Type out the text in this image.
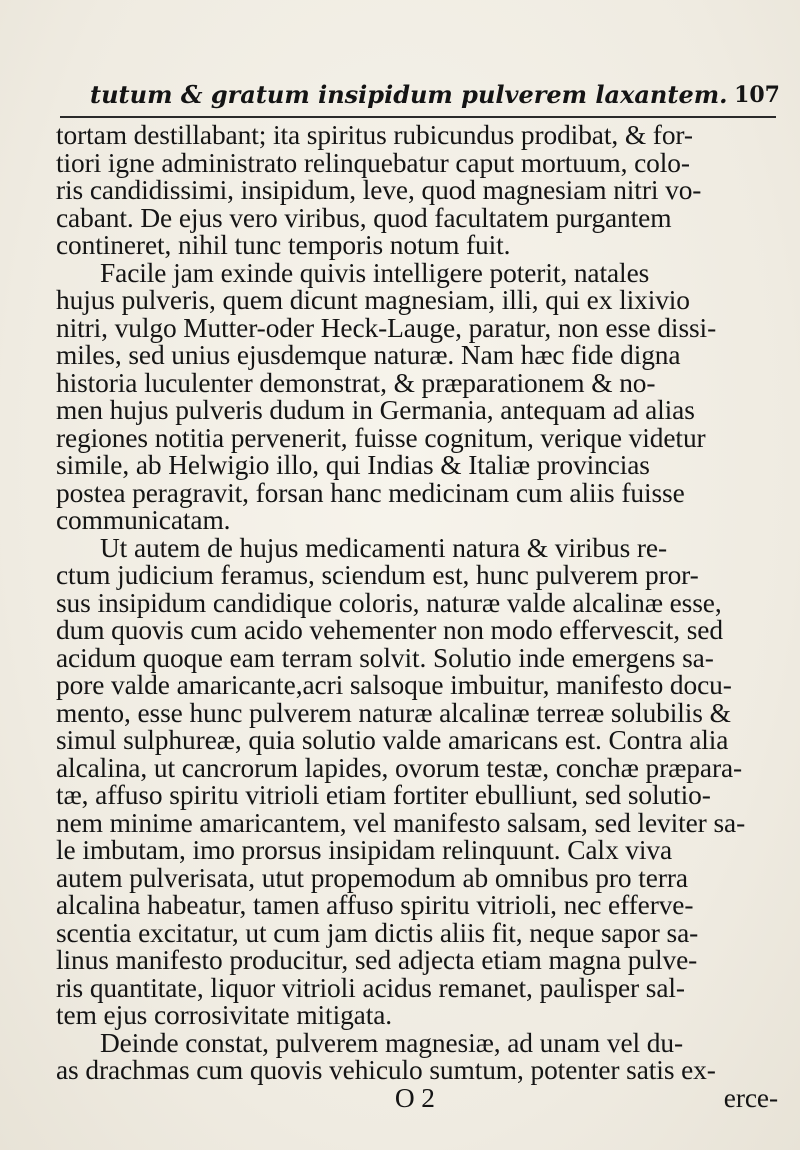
tutum & gratum insipidum pulverem laxantem. 107
tortam destillabant; ita spiritus rubicundus prodibat, & for-
tiori igne administrato relinquebatur caput mortuum, colo-
ris candidissimi, insipidum, leve, quod magnesiam nitri vo-
cabant. De ejus vero viribus, quod facultatem purgantem
contineret, nihil tunc temporis notum fuit.
Facile jam exinde quivis intelligere poterit, natales
hujus pulveris, quem dicunt magnesiam, illi, qui ex lixivio
nitri, vulgo Mutter-oder Heck-Lauge, paratur, non esse dissi-
miles, sed unius ejusdemque naturæ. Nam hæc fide digna
historia luculenter demonstrat, & præparationem & no-
men hujus pulveris dudum in Germania, antequam ad alias
regiones notitia pervenerit, fuisse cognitum, verique videtur
simile, ab Helwigio illo, qui Indias & Italiæ provincias
postea peragravit, forsan hanc medicinam cum aliis fuisse
communicatam.
Ut autem de hujus medicamenti natura & viribus re-
ctum judicium feramus, sciendum est, hunc pulverem pror-
sus insipidum candidique coloris, naturæ valde alcalinæ esse,
dum quovis cum acido vehementer non modo effervescit, sed
acidum quoque eam terram solvit. Solutio inde emergens sa-
pore valde amaricante,acri salsoque imbuitur, manifesto docu-
mento, esse hunc pulverem naturæ alcalinæ terreæ solubilis &
simul sulphureæ, quia solutio valde amaricans est. Contra alia
alcalina, ut cancrorum lapides, ovorum testæ, conchæ præpara-
tæ, affuso spiritu vitrioli etiam fortiter ebulliunt, sed solutio-
nem minime amaricantem, vel manifesto salsam, sed leviter sa-
le imbutam, imo prorsus insipidam relinquunt. Calx viva
autem pulverisata, utut propemodum ab omnibus pro terra
alcalina habeatur, tamen affuso spiritu vitrioli, nec efferve-
scentia excitatur, ut cum jam dictis aliis fit, neque sapor sa-
linus manifesto producitur, sed adjecta etiam magna pulve-
ris quantitate, liquor vitrioli acidus remanet, paulisper sal-
tem ejus corrosivitate mitigata.
Deinde constat, pulverem magnesiæ, ad unam vel du-
as drachmas cum quovis vehiculo sumtum, potenter satis ex-
O 2	erce-
